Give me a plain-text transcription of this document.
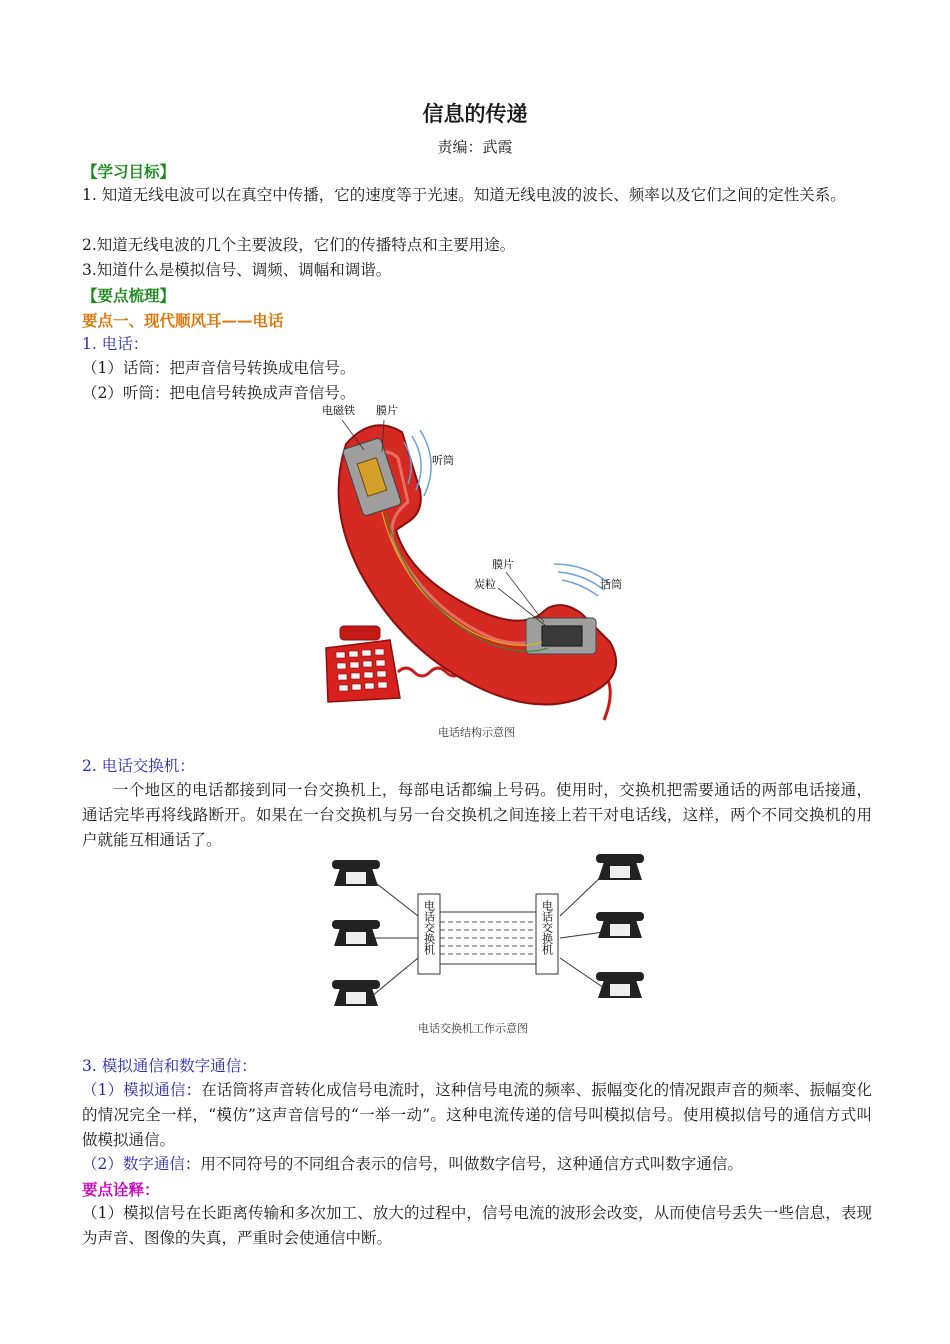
信息的传递
责编：武霞
【学习目标】
1. 知道无线电波可以在真空中传播，它的速度等于光速。知道无线电波的波长、频率以及它们之间的定性关系。
2.知道无线电波的几个主要波段，它们的传播特点和主要用途。
3.知道什么是模拟信号、调频、调幅和调谐。
【要点梳理】
要点一、现代顺风耳——电话
1. 电话：
（1）话筒：把声音信号转换成电信号。
（2）听筒：把电信号转换成声音信号。
电磁铁 膜片
听筒
膜片
炭粒	话筒
电话结构示意图
2. 电话交换机：
一个地区的电话都接到同一台交换机上，每部电话都编上号码。使用时，交换机把需要通话的两部电话接通，通话完毕再将线路断开。如果在一台交换机与另一台交换机之间连接上若干对电话线，这样，两个不同交换机的用户就能互相通话了。
电话交换机	电话交换机
电话交换机工作示意图
3. 模拟通信和数字通信：
（1）模拟通信：在话筒将声音转化成信号电流时，这种信号电流的频率、振幅变化的情况跟声音的频率、振幅变化的情况完全一样，“模仿”这声音信号的“一举一动”。这种电流传递的信号叫模拟信号。使用模拟信号的通信方式叫做模拟通信。
（2）数字通信：用不同符号的不同组合表示的信号，叫做数字信号，这种通信方式叫数字通信。
要点诠释：
（1）模拟信号在长距离传输和多次加工、放大的过程中，信号电流的波形会改变，从而使信号丢失一些信息，表现为声音、图像的失真，严重时会使通信中断。
